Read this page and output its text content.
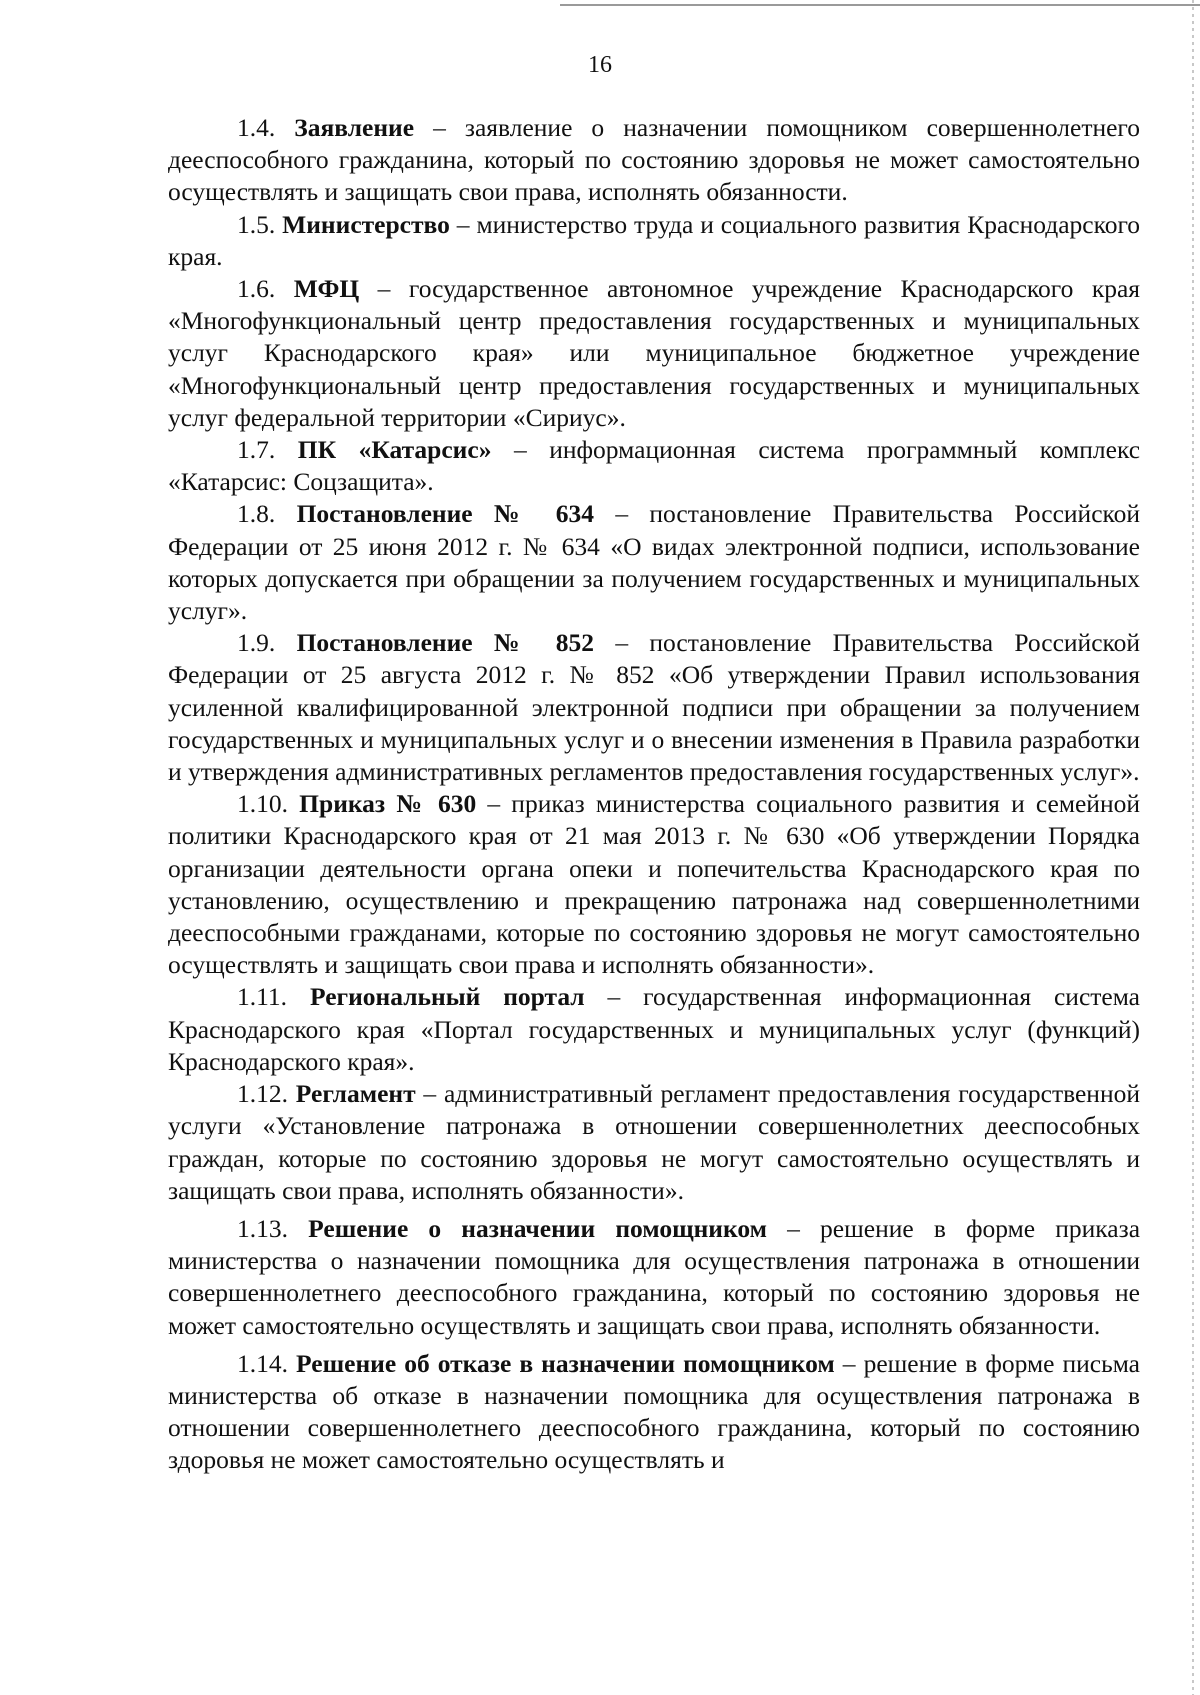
16

1.4. Заявление – заявление о назначении помощником совершеннолетнего дееспособного гражданина, который по состоянию здоровья не может самостоятельно осуществлять и защищать свои права, исполнять обязанности.

1.5. Министерство – министерство труда и социального развития Краснодарского края.

1.6. МФЦ – государственное автономное учреждение Краснодарского края «Многофункциональный центр предоставления государственных и муниципальных услуг Краснодарского края» или муниципальное бюджетное учреждение «Многофункциональный центр предоставления государственных и муниципальных услуг федеральной территории «Сириус».

1.7. ПК «Катарсис» – информационная система программный комплекс «Катарсис: Соцзащита».

1.8. Постановление № 634 – постановление Правительства Российской Федерации от 25 июня 2012 г. № 634 «О видах электронной подписи, использование которых допускается при обращении за получением государственных и муниципальных услуг».

1.9. Постановление № 852 – постановление Правительства Российской Федерации от 25 августа 2012 г. № 852 «Об утверждении Правил использования усиленной квалифицированной электронной подписи при обращении за получением государственных и муниципальных услуг и о внесении изменения в Правила разработки и утверждения административных регламентов предоставления государственных услуг».

1.10. Приказ № 630 – приказ министерства социального развития и семейной политики Краснодарского края от 21 мая 2013 г. № 630 «Об утверждении Порядка организации деятельности органа опеки и попечительства Краснодарского края по установлению, осуществлению и прекращению патронажа над совершеннолетними дееспособными гражданами, которые по состоянию здоровья не могут самостоятельно осуществлять и защищать свои права и исполнять обязанности».

1.11. Региональный портал – государственная информационная система Краснодарского края «Портал государственных и муниципальных услуг (функций) Краснодарского края».

1.12. Регламент – административный регламент предоставления государственной услуги «Установление патронажа в отношении совершеннолетних дееспособных граждан, которые по состоянию здоровья не могут самостоятельно осуществлять и защищать свои права, исполнять обязанности».

1.13. Решение о назначении помощником – решение в форме приказа министерства о назначении помощника для осуществления патронажа в отношении совершеннолетнего дееспособного гражданина, который по состоянию здоровья не может самостоятельно осуществлять и защищать свои права, исполнять обязанности.

1.14. Решение об отказе в назначении помощником – решение в форме письма министерства об отказе в назначении помощника для осуществления патронажа в отношении совершеннолетнего дееспособного гражданина, который по состоянию здоровья не может самостоятельно осуществлять и
